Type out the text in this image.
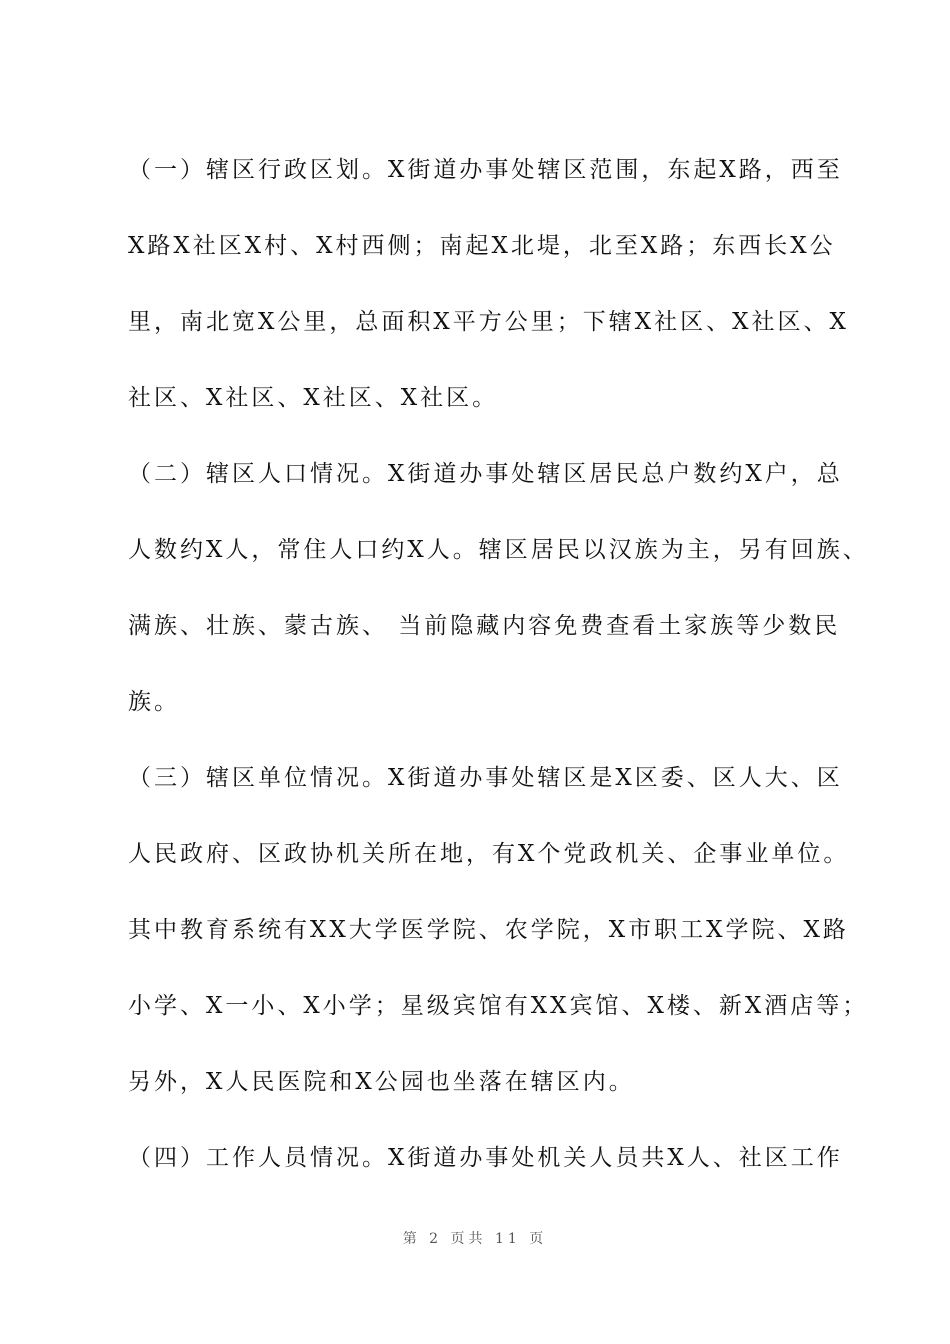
（一）辖区行政区划。X街道办事处辖区范围，东起X路，西至
X路X社区X村、X村西侧；南起X北堤，北至X路；东西长X公
里，南北宽X公里，总面积X平方公里；下辖X社区、X社区、X
社区、X社区、X社区、X社区。
（二）辖区人口情况。X街道办事处辖区居民总户数约X户，总
人数约X人，常住人口约X人。辖区居民以汉族为主，另有回族、
满族、壮族、蒙古族、 当前隐藏内容免费查看土家族等少数民
族。
（三）辖区单位情况。X街道办事处辖区是X区委、区人大、区
人民政府、区政协机关所在地，有X个党政机关、企事业单位。
其中教育系统有XX大学医学院、农学院，X市职工X学院、X路
小学、X一小、X小学；星级宾馆有XX宾馆、X楼、新X酒店等；
另外，X人民医院和X公园也坐落在辖区内。
（四）工作人员情况。X街道办事处机关人员共X人、社区工作
第 2 页共 11 页
